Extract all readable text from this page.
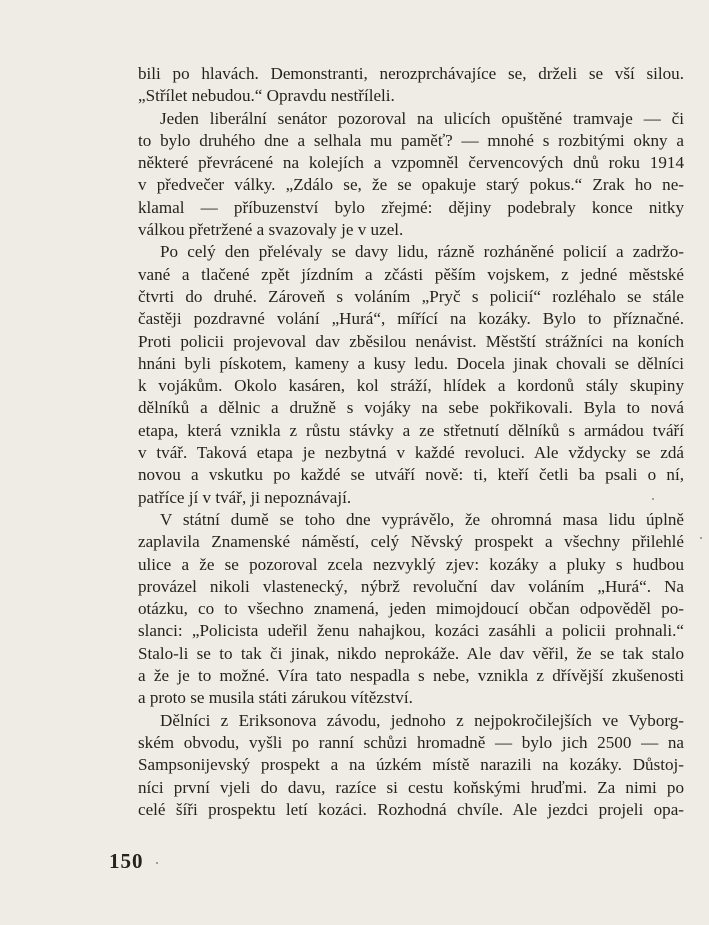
bili po hlavách. Demonstranti, nerozprchávajíce se, drželi se vší silou.
„Střílet nebudou.“ Opravdu nestříleli.
Jeden liberální senátor pozoroval na ulicích opuštěné tramvaje — či
to bylo druhého dne a selhala mu paměť? — mnohé s rozbitými okny a
některé převrácené na kolejích a vzpomněl červencových dnů roku 1914
v předvečer války. „Zdálo se, že se opakuje starý pokus.“ Zrak ho ne-
klamal — příbuzenství bylo zřejmé: dějiny podebraly konce nitky
válkou přetržené a svazovaly je v uzel.
Po celý den přelévaly se davy lidu, rázně rozháněné policií a zadržo-
vané a tlačené zpět jízdním a zčásti pěším vojskem, z jedné městské
čtvrti do druhé. Zároveň s voláním „Pryč s policií“ rozléhalo se stále
častěji pozdravné volání „Hurá“, mířící na kozáky. Bylo to příznačné.
Proti policii projevoval dav zběsilou nenávist. Městští strážníci na koních
hnáni byli pískotem, kameny a kusy ledu. Docela jinak chovali se dělníci
k vojákům. Okolo kasáren, kol stráží, hlídek a kordonů stály skupiny
dělníků a dělnic a družně s vojáky na sebe pokřikovali. Byla to nová
etapa, která vznikla z růstu stávky a ze střetnutí dělníků s armádou tváří
v tvář. Taková etapa je nezbytná v každé revoluci. Ale vždycky se zdá
novou a vskutku po každé se utváří nově: ti, kteří četli ba psali o ní,
patříce jí v tvář, ji nepoznávají.
V státní dumě se toho dne vyprávělo, že ohromná masa lidu úplně
zaplavila Znamenské náměstí, celý Něvský prospekt a všechny přilehlé
ulice a že se pozoroval zcela nezvyklý zjev: kozáky a pluky s hudbou
provázel nikoli vlastenecký, nýbrž revoluční dav voláním „Hurá“. Na
otázku, co to všechno znamená, jeden mimojdoucí občan odpověděl po-
slanci: „Policista udeřil ženu nahajkou, kozáci zasáhli a policii prohnali.“
Stalo-li se to tak či jinak, nikdo neprokáže. Ale dav věřil, že se tak stalo
a že je to možné. Víra tato nespadla s nebe, vznikla z dřívější zkušenosti
a proto se musila státi zárukou vítězství.
Dělníci z Eriksonova závodu, jednoho z nejpokročilejších ve Vyborg-
ském obvodu, vyšli po ranní schůzi hromadně — bylo jich 2500 — na
Sampsonijevský prospekt a na úzkém místě narazili na kozáky. Důstoj-
níci první vjeli do davu, razíce si cestu koňskými hruďmi. Za nimi po
celé šíři prospektu letí kozáci. Rozhodná chvíle. Ale jezdci projeli opa-
150
